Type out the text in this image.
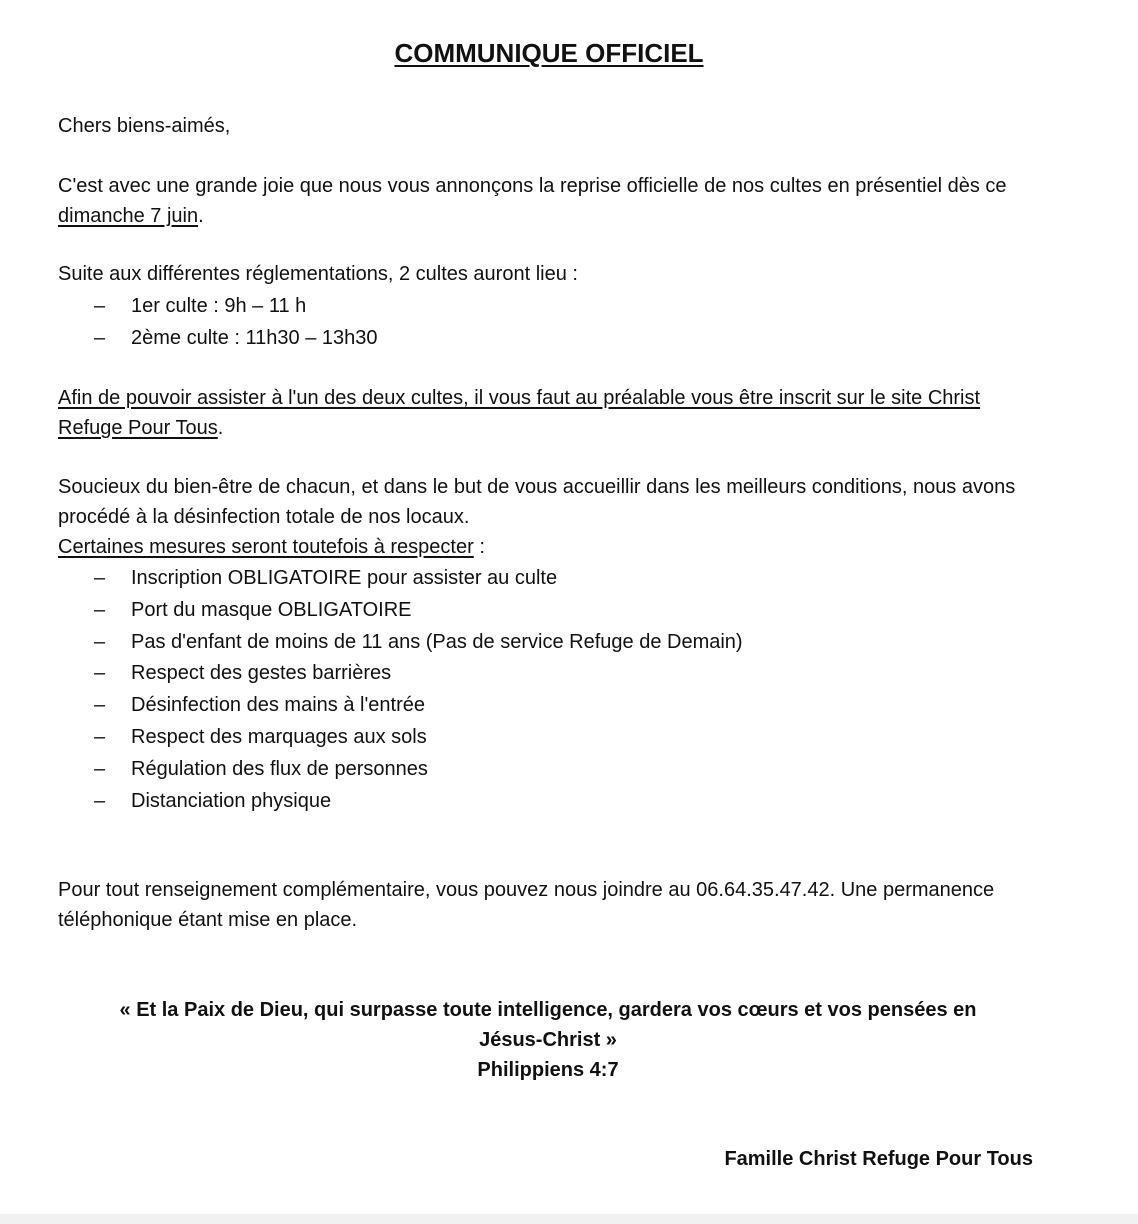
COMMUNIQUE OFFICIEL

Chers biens-aimés,

C'est avec une grande joie que nous vous annonçons la reprise officielle de nos cultes en présentiel dès ce dimanche 7 juin.

Suite aux différentes réglementations, 2 cultes auront lieu :

– 1er culte : 9h – 11 h
– 2ème culte : 11h30 – 13h30

Afin de pouvoir assister à l'un des deux cultes, il vous faut au préalable vous être inscrit sur le site Christ Refuge Pour Tous.

Soucieux du bien-être de chacun, et dans le but de vous accueillir dans les meilleurs conditions, nous avons procédé à la désinfection totale de nos locaux.

Certaines mesures seront toutefois à respecter :

– Inscription OBLIGATOIRE pour assister au culte
– Port du masque OBLIGATOIRE
– Pas d'enfant de moins de 11 ans (Pas de service Refuge de Demain)
– Respect des gestes barrières
– Désinfection des mains à l'entrée
– Respect des marquages aux sols
– Régulation des flux de personnes
– Distanciation physique

Pour tout renseignement complémentaire, vous pouvez nous joindre au 06.64.35.47.42. Une permanence téléphonique étant mise en place.

« Et la Paix de Dieu, qui surpasse toute intelligence, gardera vos cœurs et vos pensées en
Jésus-Christ »
Philippiens 4:7
Famille Christ Refuge Pour Tous
